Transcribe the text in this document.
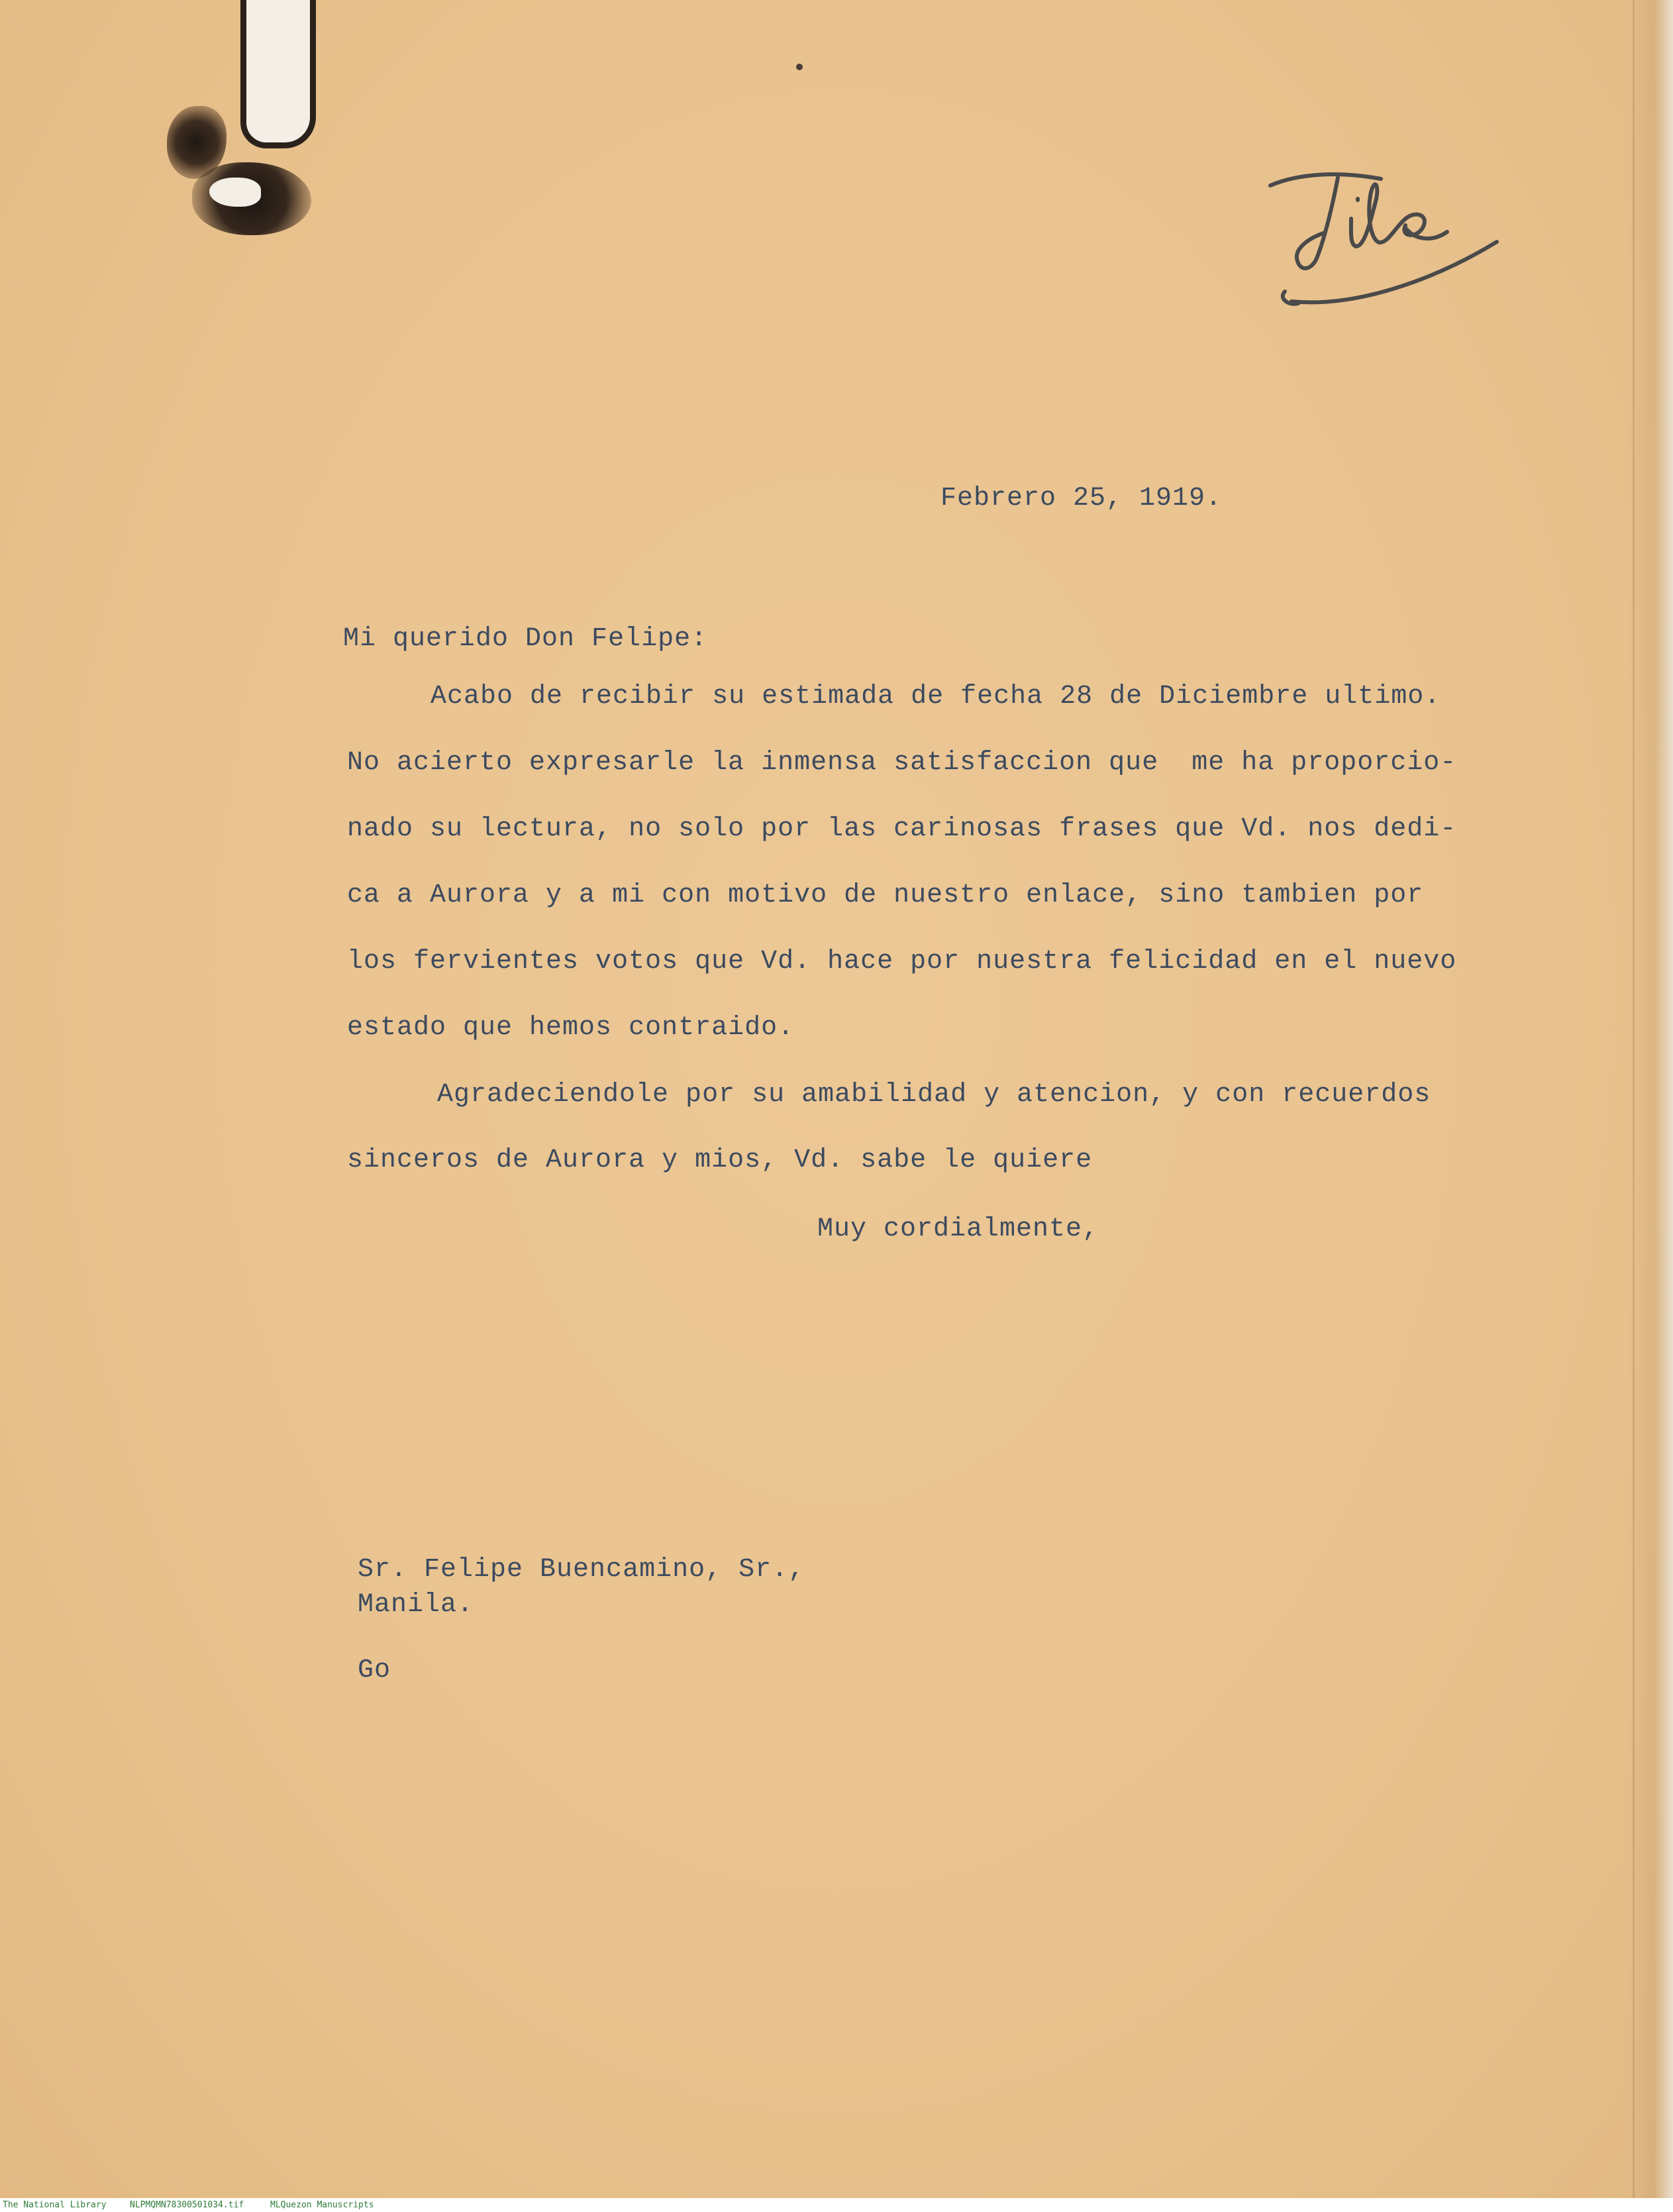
Febrero 25, 1919.

Mi querido Don Felipe:

Acabo de recibir su estimada de fecha 28 de Diciembre ultimo.

No acierto expresarle la inmensa satisfaccion que  me ha proporcio-

nado su lectura, no solo por las carinosas frases que Vd. nos dedi-

ca a Aurora y a mi con motivo de nuestro enlace, sino tambien por

los fervientes votos que Vd. hace por nuestra felicidad en el nuevo

estado que hemos contraido.

Agradeciendole por su amabilidad y atencion, y con recuerdos

sinceros de Aurora y mios, Vd. sabe le quiere

Muy cordialmente,

Sr. Felipe Buencamino, Sr.,

Manila.

Go

The National Library	NLPMQMN78300501034.tif	MLQuezon Manuscripts
